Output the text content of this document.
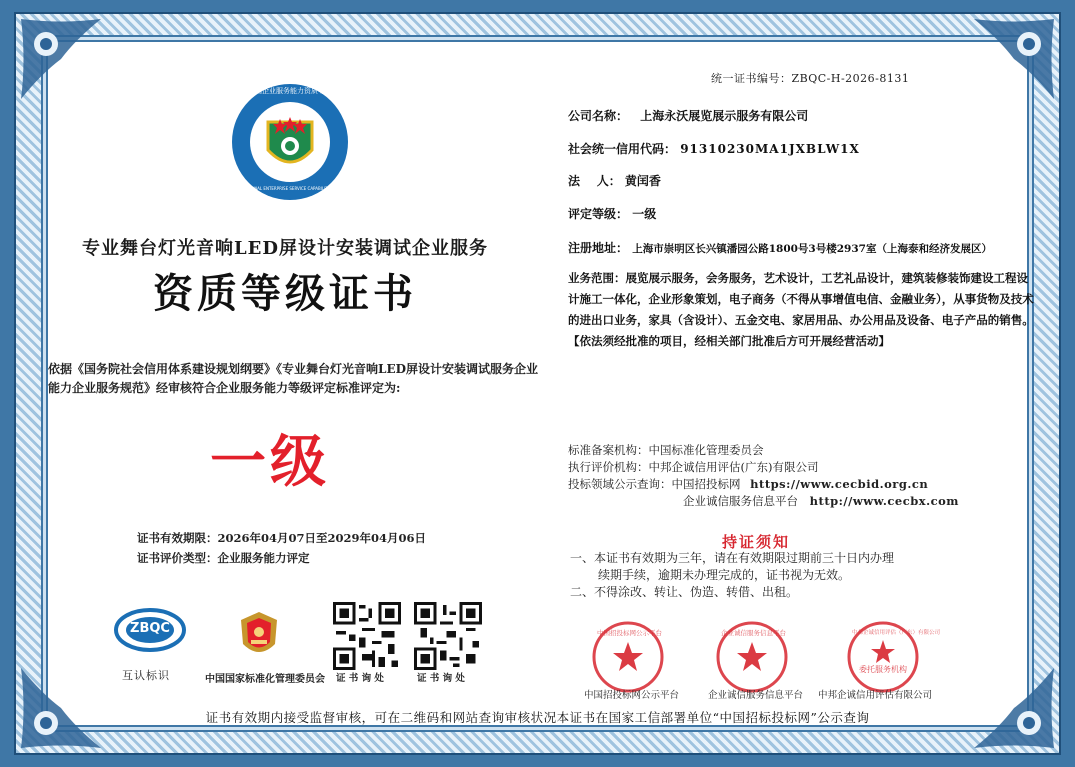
全国企业服务能力资质等级评定
NATIONAL ENTERPRISE SERVICE CAPABILITY QUALIFICATION RATING
统一证书编号：ZBQC-H-2026-8131
公司名称： 上海永沃展览展示服务有限公司
社会统一信用代码： 91310230MA1JXBLW1X
法    人： 黄闰香
评定等级： 一级
注册地址： 上海市崇明区长兴镇潘园公路1800号3号楼2937室（上海泰和经济发展区）
业务范围：展览展示服务，会务服务，艺术设计，工艺礼品设计，建筑装修装饰建设工程设计施工一体化，企业形象策划，电子商务（不得从事增值电信、金融业务），从事货物及技术的进出口业务，家具（含设计）、五金交电、家居用品、办公用品及设备、电子产品的销售。【依法须经批准的项目，经相关部门批准后方可开展经营活动】
专业舞台灯光音响LED屏设计安装调试企业服务
资质等级证书
依据《国务院社会信用体系建设规划纲要》《专业舞台灯光音响LED屏设计安装调试服务企业能力企业服务规范》经审核符合企业服务能力等级评定标准评定为:
一级
证书有效期限：2026年04月07日至2029年04月06日
证书评价类型：企业服务能力评定
标准备案机构：中国标准化管理委员会
执行评价机构：中邦企诚信用评估(广东)有限公司
投标领域公示查询：中国招投标网 https://www.cecbid.org.cn
企业诚信服务信息平台 http://www.cecbx.com
持证须知
一、本证书有效期为三年，请在有效期限过期前三十日内办理
续期手续，逾期未办理完成的，证书视为无效。
二、不得涂改、转让、伪造、转借、出租。
ZBQC
互认标识	中国国家标准化管理委员会 证 书 询 处	证 书 询 处
中国招投标网公示平台
中国招投标网公示平台
企业诚信服务信息平台
企业诚信服务信息平台
中邦企诚信用评估（广东）有限公司
委托服务机构
中邦企诚信用评估有限公司
证书有效期内接受监督审核，可在二维码和网站查询审核状况本证书在国家工信部署单位“中国招标投标网”公示查询
